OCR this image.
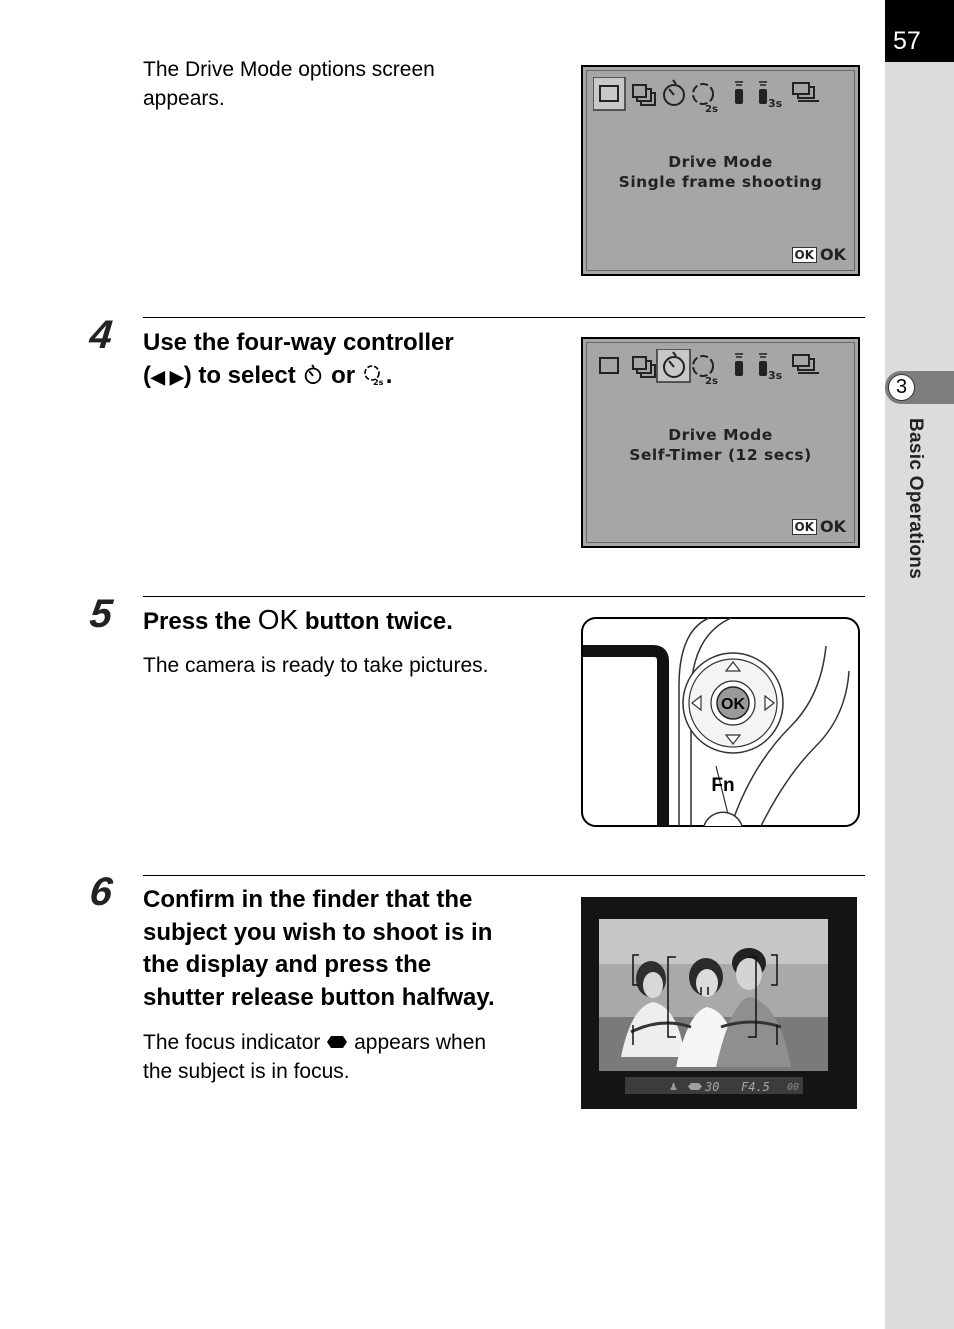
57
3
Basic Operations
The Drive Mode options screen
appears.	2s	3s
Drive Mode
Single frame shooting
OK OK
4 Use the four-way controller
(◀ ▶) to select or 2s .	2s	3s
Drive Mode
Self-Timer (12 secs)
OK OK
5 Press the OK button twice.
The camera is ready to take pictures.
OK
Fn
6 Confirm in the finder that the
subject you wish to shoot is in
the display and press the
shutter release button halfway.
The focus indicator appears when
the subject is in focus.
♟ 30 F4.5 00
